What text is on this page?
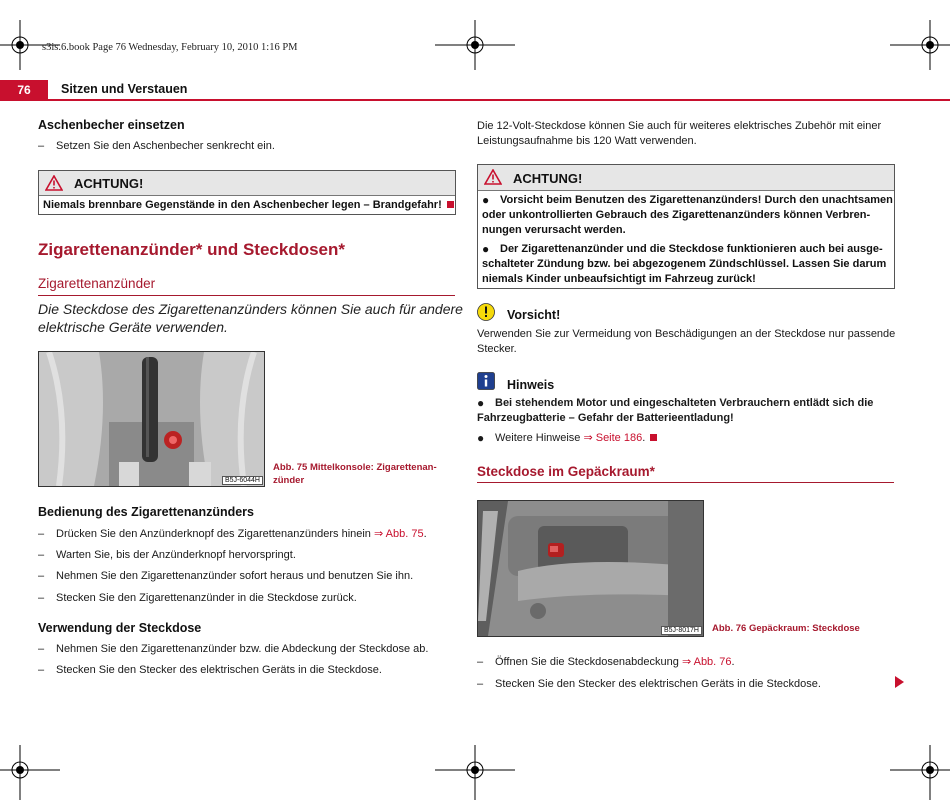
s3is.6.book Page 76 Wednesday, February 10, 2010 1:16 PM
76	Sitzen und Verstauen
Aschenbecher einsetzen
– Setzen Sie den Aschenbecher senkrecht ein.
ACHTUNG!
Niemals brennbare Gegenstände in den Aschenbecher legen – Brandgefahr!
Zigarettenanzünder* und Steckdosen*
Zigarettenanzünder
Die Steckdose des Zigarettenanzünders können Sie auch für andere
elektrische Geräte verwenden.
B5J-6044H
Abb. 75 Mittelkonsole: Zigarettenan-
zünder
Bedienung des Zigarettenanzünders
– Drücken Sie den Anzünderknopf des Zigarettenanzünders hinein ⇒ Abb. 75.
– Warten Sie, bis der Anzünderknopf hervorspringt.
– Nehmen Sie den Zigarettenanzünder sofort heraus und benutzen Sie ihn.
– Stecken Sie den Zigarettenanzünder in die Steckdose zurück.
Verwendung der Steckdose
– Nehmen Sie den Zigarettenanzünder bzw. die Abdeckung der Steckdose ab.
– Stecken Sie den Stecker des elektrischen Geräts in die Steckdose.
Die 12-Volt-Steckdose können Sie auch für weiteres elektrisches Zubehör mit einer
Leistungsaufnahme bis 120 Watt verwenden.
ACHTUNG!
● Vorsicht beim Benutzen des Zigarettenanzünders! Durch den unachtsamen
oder unkontrollierten Gebrauch des Zigarettenanzünders können Verbren-
nungen verursacht werden.
● Der Zigarettenanzünder und die Steckdose funktionieren auch bei ausge-
schalteter Zündung bzw. bei abgezogenem Zündschlüssel. Lassen Sie darum
niemals Kinder unbeaufsichtigt im Fahrzeug zurück!
Vorsicht!
Verwenden Sie zur Vermeidung von Beschädigungen an der Steckdose nur passende
Stecker.
Hinweis
● Bei stehendem Motor und eingeschalteten Verbrauchern entlädt sich die
Fahrzeugbatterie – Gefahr der Batterieentladung!
● Weitere Hinweise ⇒ Seite 186.
Steckdose im Gepäckraum*
B5J-8017H	Abb. 76 Gepäckraum: Steckdose
– Öffnen Sie die Steckdosenabdeckung ⇒ Abb. 76.
– Stecken Sie den Stecker des elektrischen Geräts in die Steckdose.
